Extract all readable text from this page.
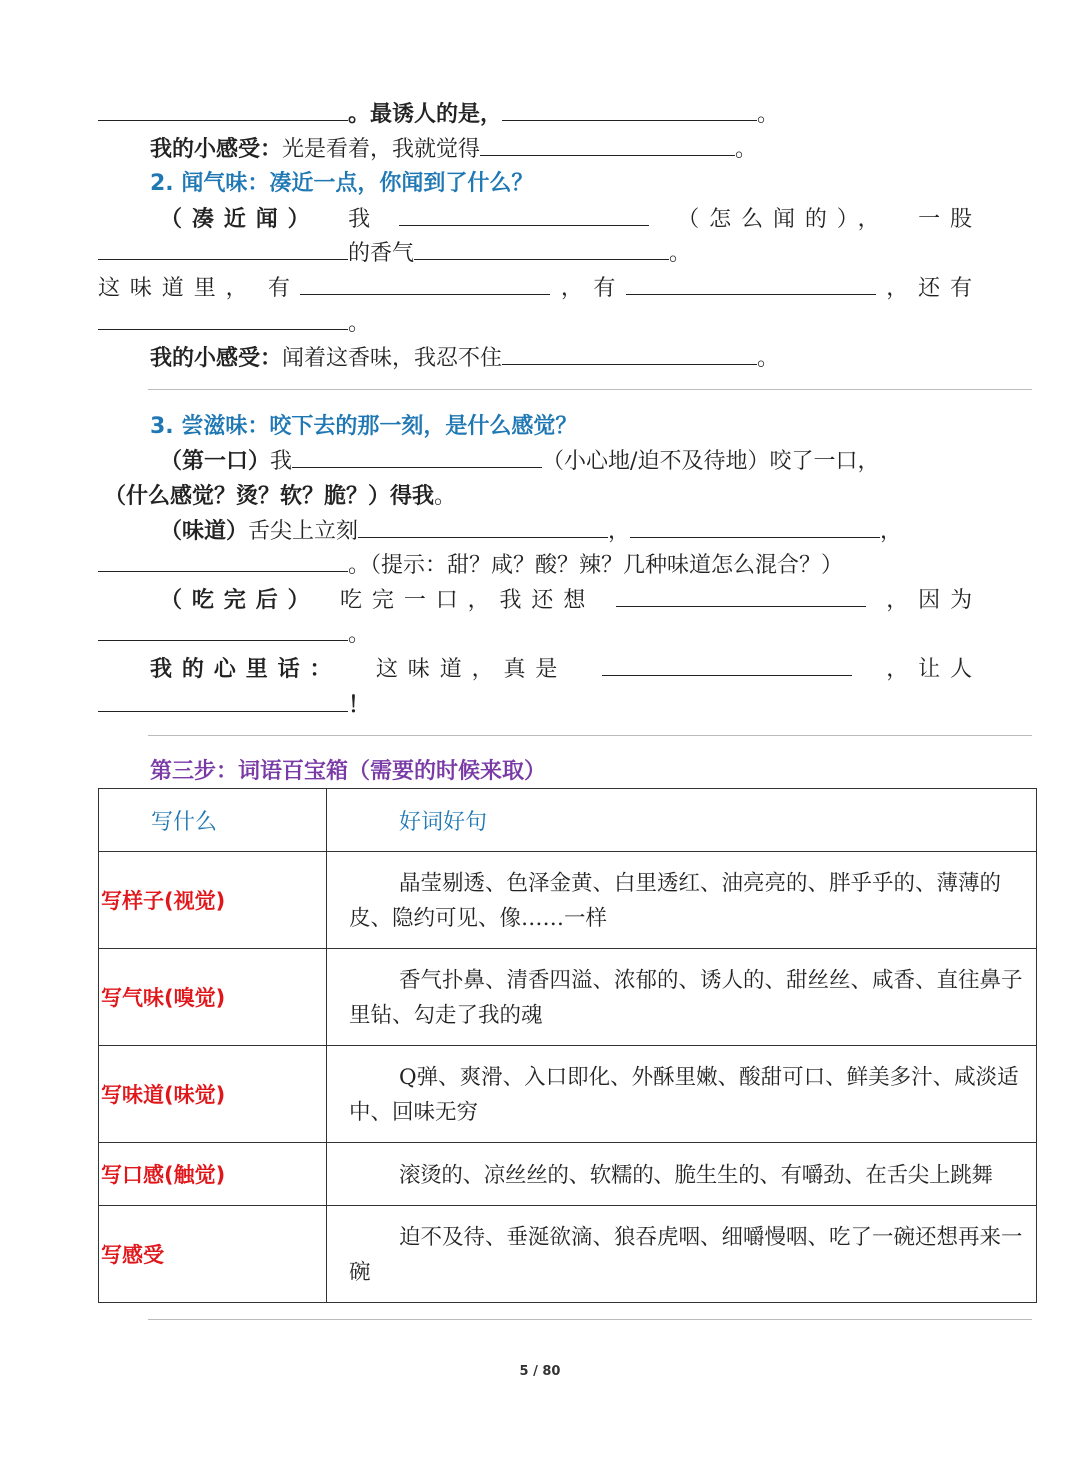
。最诱人的是，	。
我的小感受：光是看着，我就觉得	。
2. 闻气味：凑近一点，你闻到了什么？
（凑近闻） 我	（怎么闻的）， 一股
的香气	。
这味道里， 有	， 有	，还有
。
我的小感受：闻着这香味，我忍不住	。
3. 尝滋味：咬下去的那一刻，是什么感觉？
（第一口）我	（小心地/迫不及待地）咬了一口，
（什么感觉？烫？软？脆？）得我。
（味道）舌尖上立刻	，	，
。（提示：甜？咸？酸？辣？几种味道怎么混合？）
（吃完后） 吃完一口，我还想	，因为
。
我的心里话： 这味道，真是	，让人
！
第三步：词语百宝箱（需要的时候来取）
写什么	好词好句
写样子(视觉)	晶莹剔透、色泽金黄、白里透红、油亮亮的、胖乎乎的、薄薄的皮、隐约可见、像……一样
写气味(嗅觉)	香气扑鼻、清香四溢、浓郁的、诱人的、甜丝丝、咸香、直往鼻子里钻、勾走了我的魂
写味道(味觉)	Q弹、爽滑、入口即化、外酥里嫩、酸甜可口、鲜美多汁、咸淡适中、回味无穷
写口感(触觉)	滚烫的、凉丝丝的、软糯的、脆生生的、有嚼劲、在舌尖上跳舞
写感受	迫不及待、垂涎欲滴、狼吞虎咽、细嚼慢咽、吃了一碗还想再来一碗
5 / 80
